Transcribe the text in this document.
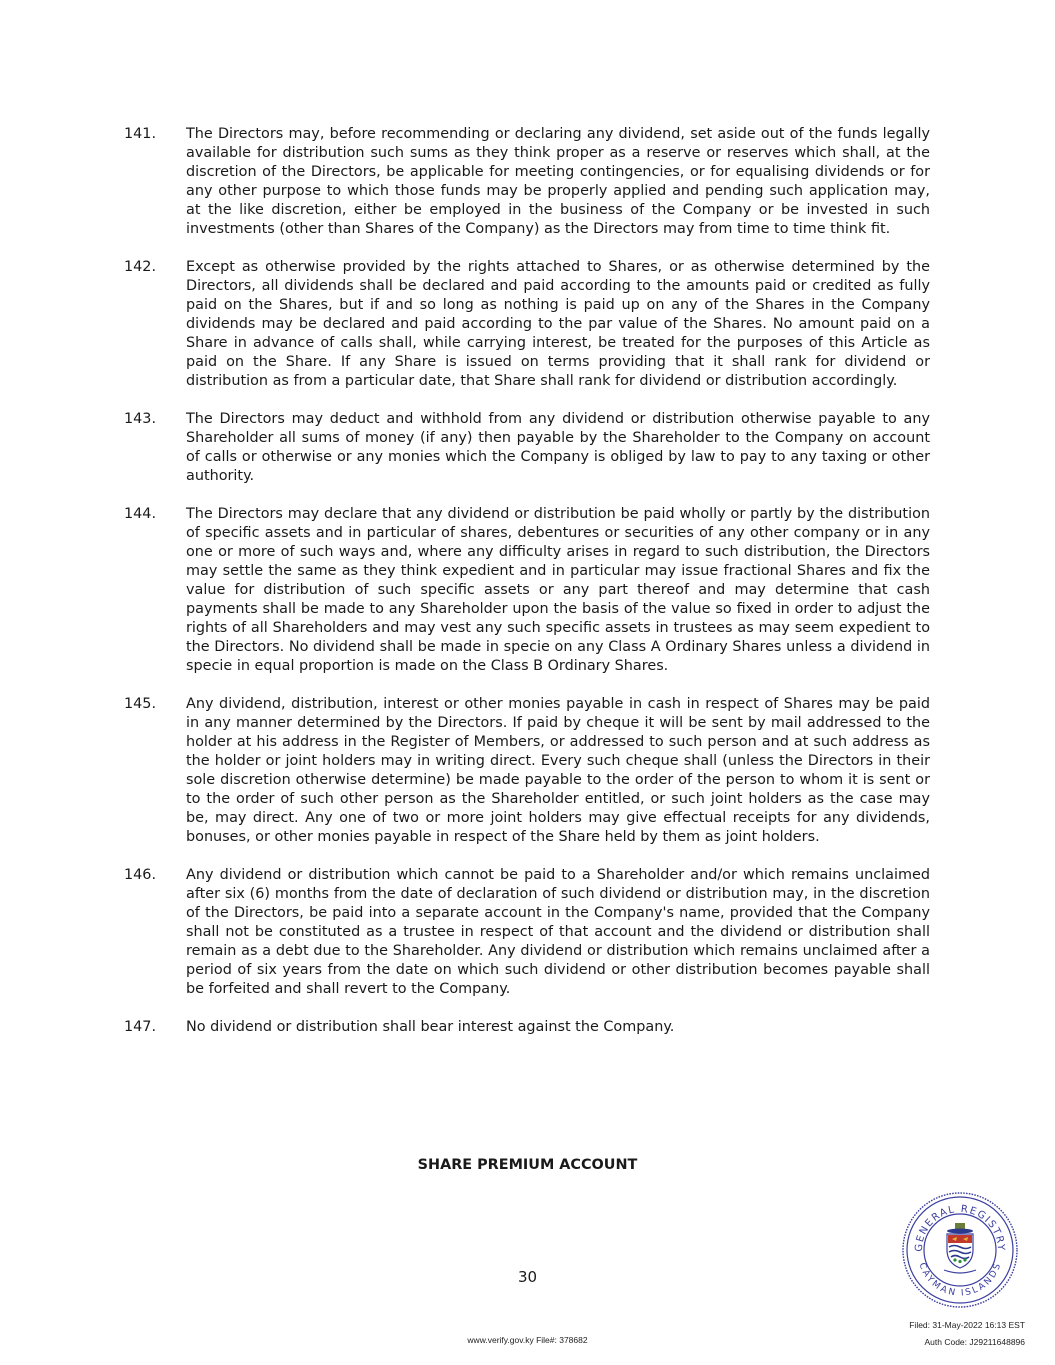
141.	The Directors may, before recommending or declaring any dividend, set aside out of the funds legally available for distribution such sums as they think proper as a reserve or reserves which shall, at the discretion of the Directors, be applicable for meeting contingencies, or for equalising dividends or for any other purpose to which those funds may be properly applied and pending such application may, at the like discretion, either be employed in the business of the Company or be invested in such investments (other than Shares of the Company) as the Directors may from time to time think fit.
142.	Except as otherwise provided by the rights attached to Shares, or as otherwise determined by the Directors, all dividends shall be declared and paid according to the amounts paid or credited as fully paid on the Shares, but if and so long as nothing is paid up on any of the Shares in the Company dividends may be declared and paid according to the par value of the Shares. No amount paid on a Share in advance of calls shall, while carrying interest, be treated for the purposes of this Article as paid on the Share. If any Share is issued on terms providing that it shall rank for dividend or distribution as from a particular date, that Share shall rank for dividend or distribution accordingly.
143.	The Directors may deduct and withhold from any dividend or distribution otherwise payable to any Shareholder all sums of money (if any) then payable by the Shareholder to the Company on account of calls or otherwise or any monies which the Company is obliged by law to pay to any taxing or other authority.
144.	The Directors may declare that any dividend or distribution be paid wholly or partly by the distribution of specific assets and in particular of shares, debentures or securities of any other company or in any one or more of such ways and, where any difficulty arises in regard to such distribution, the Directors may settle the same as they think expedient and in particular may issue fractional Shares and fix the value for distribution of such specific assets or any part thereof and may determine that cash payments shall be made to any Shareholder upon the basis of the value so fixed in order to adjust the rights of all Shareholders and may vest any such specific assets in trustees as may seem expedient to the Directors. No dividend shall be made in specie on any Class A Ordinary Shares unless a dividend in specie in equal proportion is made on the Class B Ordinary Shares.
145.	Any dividend, distribution, interest or other monies payable in cash in respect of Shares may be paid in any manner determined by the Directors. If paid by cheque it will be sent by mail addressed to the holder at his address in the Register of Members, or addressed to such person and at such address as the holder or joint holders may in writing direct. Every such cheque shall (unless the Directors in their sole discretion otherwise determine) be made payable to the order of the person to whom it is sent or to the order of such other person as the Shareholder entitled, or such joint holders as the case may be, may direct. Any one of two or more joint holders may give effectual receipts for any dividends, bonuses, or other monies payable in respect of the Share held by them as joint holders.
146.	Any dividend or distribution which cannot be paid to a Shareholder and/or which remains unclaimed after six (6) months from the date of declaration of such dividend or distribution may, in the discretion of the Directors, be paid into a separate account in the Company's name, provided that the Company shall not be constituted as a trustee in respect of that account and the dividend or distribution shall remain as a debt due to the Shareholder. Any dividend or distribution which remains unclaimed after a period of six years from the date on which such dividend or other distribution becomes payable shall be forfeited and shall revert to the Company.
147.	No dividend or distribution shall bear interest against the Company.
SHARE PREMIUM ACCOUNT
30
GENERAL REGISTRY
CAYMAN ISLANDS
Filed: 31-May-2022 16:13 EST
Auth Code: J29211648896
www.verify.gov.ky File#: 378682
